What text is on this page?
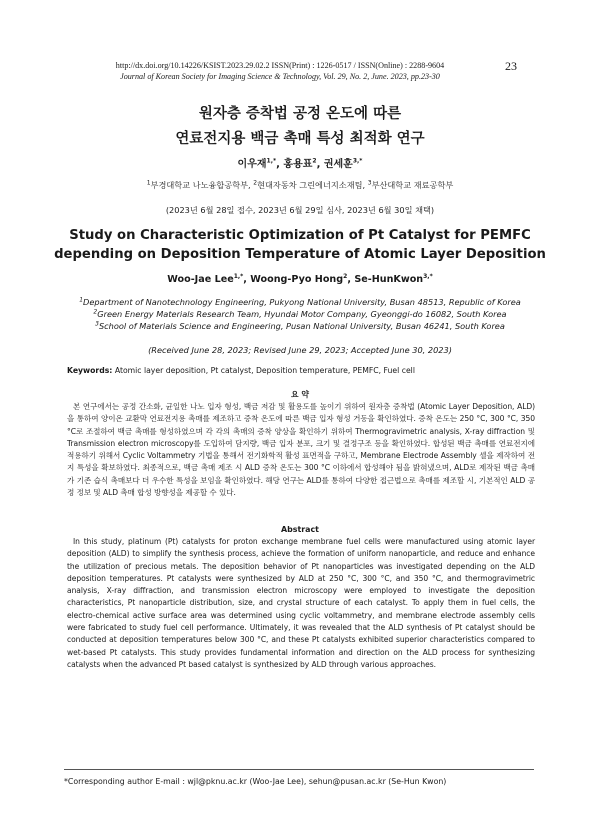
http://dx.doi.org/10.14226/KSIST.2023.29.02.2 ISSN(Print) : 1226-0517 / ISSN(Online) : 2288-9604
Journal of Korean Society for Imaging Science & Technology, Vol. 29, No. 2, June. 2023, pp.23-30
23
원자층 증착법 공정 온도에 따른
연료전지용 백금 촉매 특성 최적화 연구
이우재$^{1,*}$, 홍용표$^2$, 권세훈$^{3,*}$
$^1$부경대학교 나노융합공학부, $^2$현대자동차 그린에너지소재팀, $^3$부산대학교 재료공학부
(2023년 6월 28일 접수, 2023년 6월 29일 심사, 2023년 6월 30일 채택)
Study on Characteristic Optimization of Pt Catalyst for PEMFC
depending on Deposition Temperature of Atomic Layer Deposition
Woo-Jae Lee$^{1,*}$, Woong-Pyo Hong$^2$, Se-HunKwon$^{3,*}$
$^1$Department of Nanotechnology Engineering, Pukyong National University, Busan 48513, Republic of Korea
$^2$Green Energy Materials Research Team, Hyundai Motor Company, Gyeonggi-do 16082, South Korea
$^3$School of Materials Science and Engineering, Pusan National University, Busan 46241, South Korea
(Received June 28, 2023; Revised June 29, 2023; Accepted June 30, 2023)
Keywords: Atomic layer deposition, Pt catalyst, Deposition temperature, PEMFC, Fuel cell
요 약

본 연구에서는 공정 간소화, 균일한 나노 입자 형성, 백금 저감 및 활용도를 높이기 위하여 원자층 증착법 (Atomic Layer Deposition, ALD)을 통하여 양이온 교환막 연료전지용 촉매를 제조하고 증착 온도에 따른 백금 입자 형성 거동을 확인하였다. 증착 온도는 250 °C, 300 °C, 350 °C로 조절하여 백금 촉매를 형성하였으며 각 각의 촉매의 증착 양상을 확인하기 위하여 Thermogravimetric analysis, X-ray diffraction 및 Transmission electron microscopy를 도입하여 담지량, 백금 입자 분포, 크기 및 결정구조 등을 확인하였다. 합성된 백금 촉매를 연료전지에 적용하기 위해서 Cyclic Voltammetry 기법을 통해서 전기화학적 활성 표면적을 구하고, Membrane Electrode Assembly 셀을 제작하여 전지 특성을 확보하였다. 최종적으로, 백금 촉매 제조 시 ALD 증착 온도는 300 °C 이하에서 합성해야 됨을 밝혀냈으며, ALD로 제작된 백금 촉매가 기존 습식 촉매보다 더 우수한 특성을 보임을 확인하였다. 해당 연구는 ALD를 통하여 다양한 접근법으로 촉매를 제조할 시, 기본적인 ALD 공정 정보 및 ALD 촉매 합성 방향성을 제공할 수 있다.

Abstract

In this study, platinum (Pt) catalysts for proton exchange membrane fuel cells were manufactured using atomic layer deposition (ALD) to simplify the synthesis process, achieve the formation of uniform nanoparticle, and reduce and enhance the utilization of precious metals. The deposition behavior of Pt nanoparticles was investigated depending on the ALD deposition temperatures. Pt catalysts were synthesized by ALD at 250 °C, 300 °C, and 350 °C, and thermogravimetric analysis, X-ray diffraction, and transmission electron microscopy were employed to investigate the deposition characteristics, Pt nanoparticle distribution, size, and crystal structure of each catalyst. To apply them in fuel cells, the electro-chemical active surface area was determined using cyclic voltammetry, and membrane electrode assembly cells were fabricated to study fuel cell performance. Ultimately, it was revealed that the ALD synthesis of Pt catalyst should be conducted at deposition temperatures below 300 °C, and these Pt catalysts exhibited superior characteristics compared to wet-based Pt catalysts. This study provides fundamental information and direction on the ALD process for synthesizing catalysts when the advanced Pt based catalyst is synthesized by ALD through various approaches.

*Corresponding author E-mail : wjl@pknu.ac.kr (Woo-Jae Lee), sehun@pusan.ac.kr (Se-Hun Kwon)
